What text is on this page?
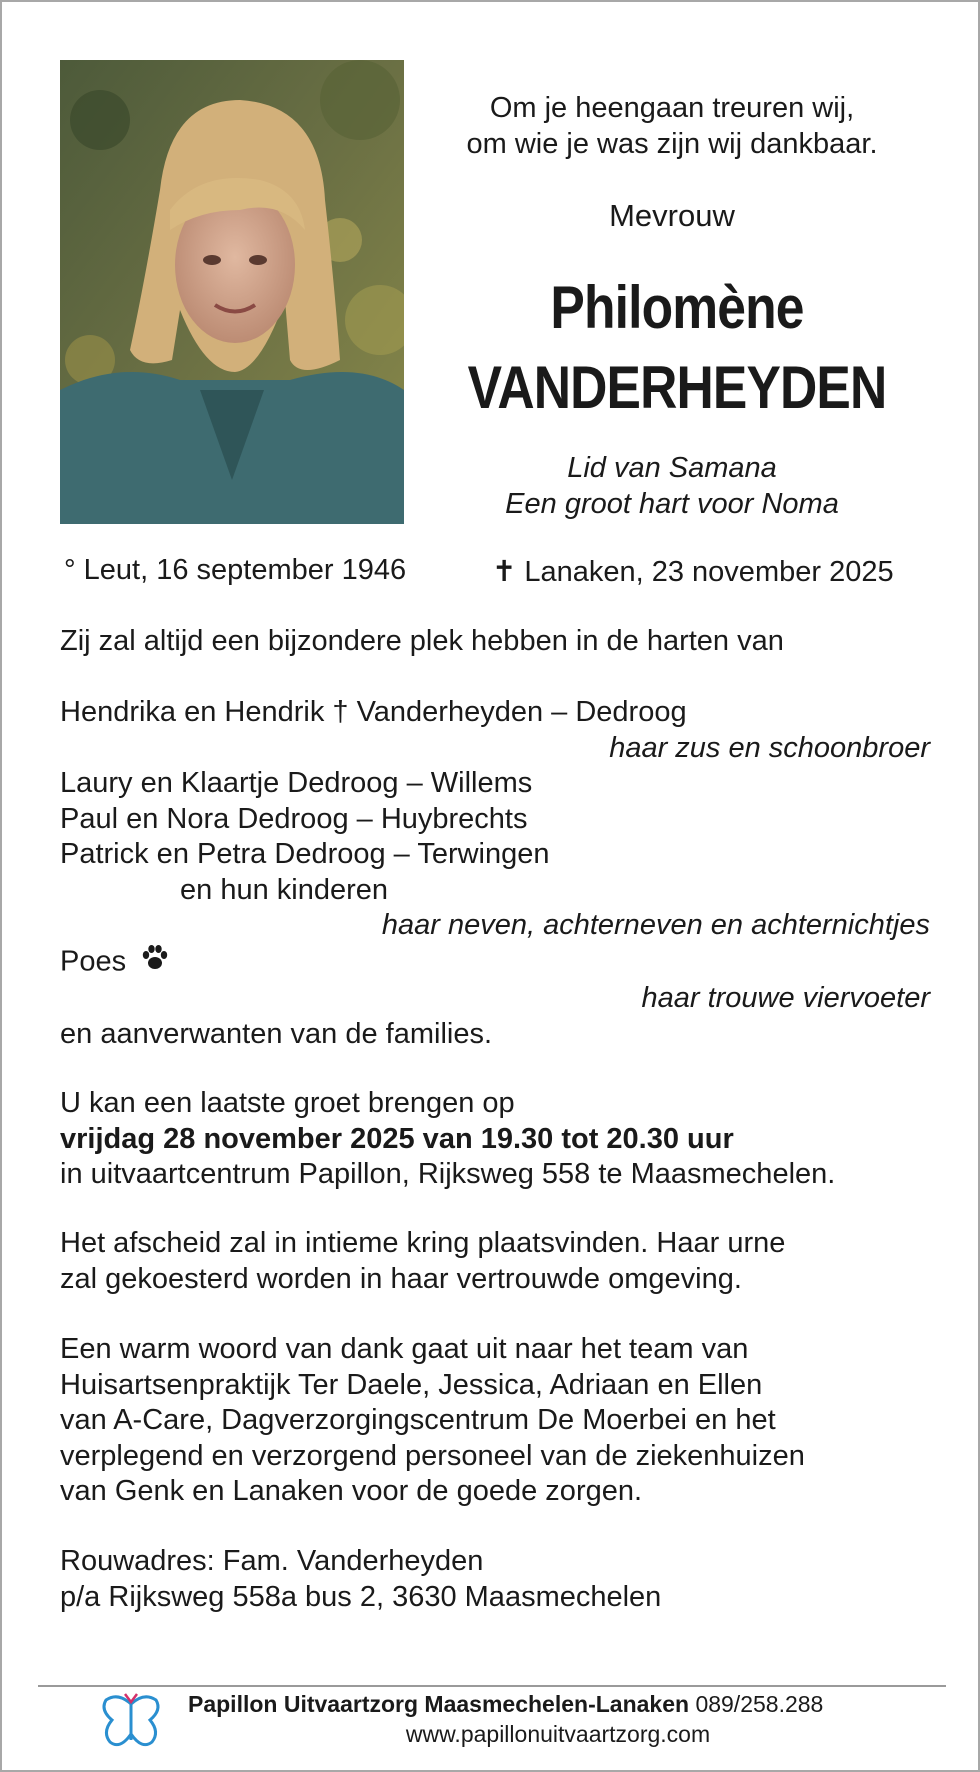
Om je heengaan treuren wij,
om wie je was zijn wij dankbaar.
Mevrouw
Philomène
VANDERHEYDEN
Lid van Samana
Een groot hart voor Noma
° Leut, 16 september 1946	✝ Lanaken, 23 november 2025
Zij zal altijd een bijzondere plek hebben in de harten van
Hendrika en Hendrik † Vanderheyden – Dedroog
haar zus en schoonbroer
Laury en Klaartje Dedroog – Willems
Paul en Nora Dedroog – Huybrechts
Patrick en Petra Dedroog – Terwingen
en hun kinderen
haar neven, achterneven en achternichtjes
Poes
haar trouwe viervoeter
en aanverwanten van de families.
U kan een laatste groet brengen op
vrijdag 28 november 2025 van 19.30 tot 20.30 uur
in uitvaartcentrum Papillon, Rijksweg 558 te Maasmechelen.
Het afscheid zal in intieme kring plaatsvinden. Haar urne
zal gekoesterd worden in haar vertrouwde omgeving.
Een warm woord van dank gaat uit naar het team van
Huisartsenpraktijk Ter Daele, Jessica, Adriaan en Ellen
van A-Care, Dagverzorgingscentrum De Moerbei en het
verplegend en verzorgend personeel van de ziekenhuizen
van Genk en Lanaken voor de goede zorgen.
Rouwadres: Fam. Vanderheyden
p/a Rijksweg 558a bus 2, 3630 Maasmechelen
Papillon Uitvaartzorg Maasmechelen-Lanaken 089/258.288
www.papillonuitvaartzorg.com
